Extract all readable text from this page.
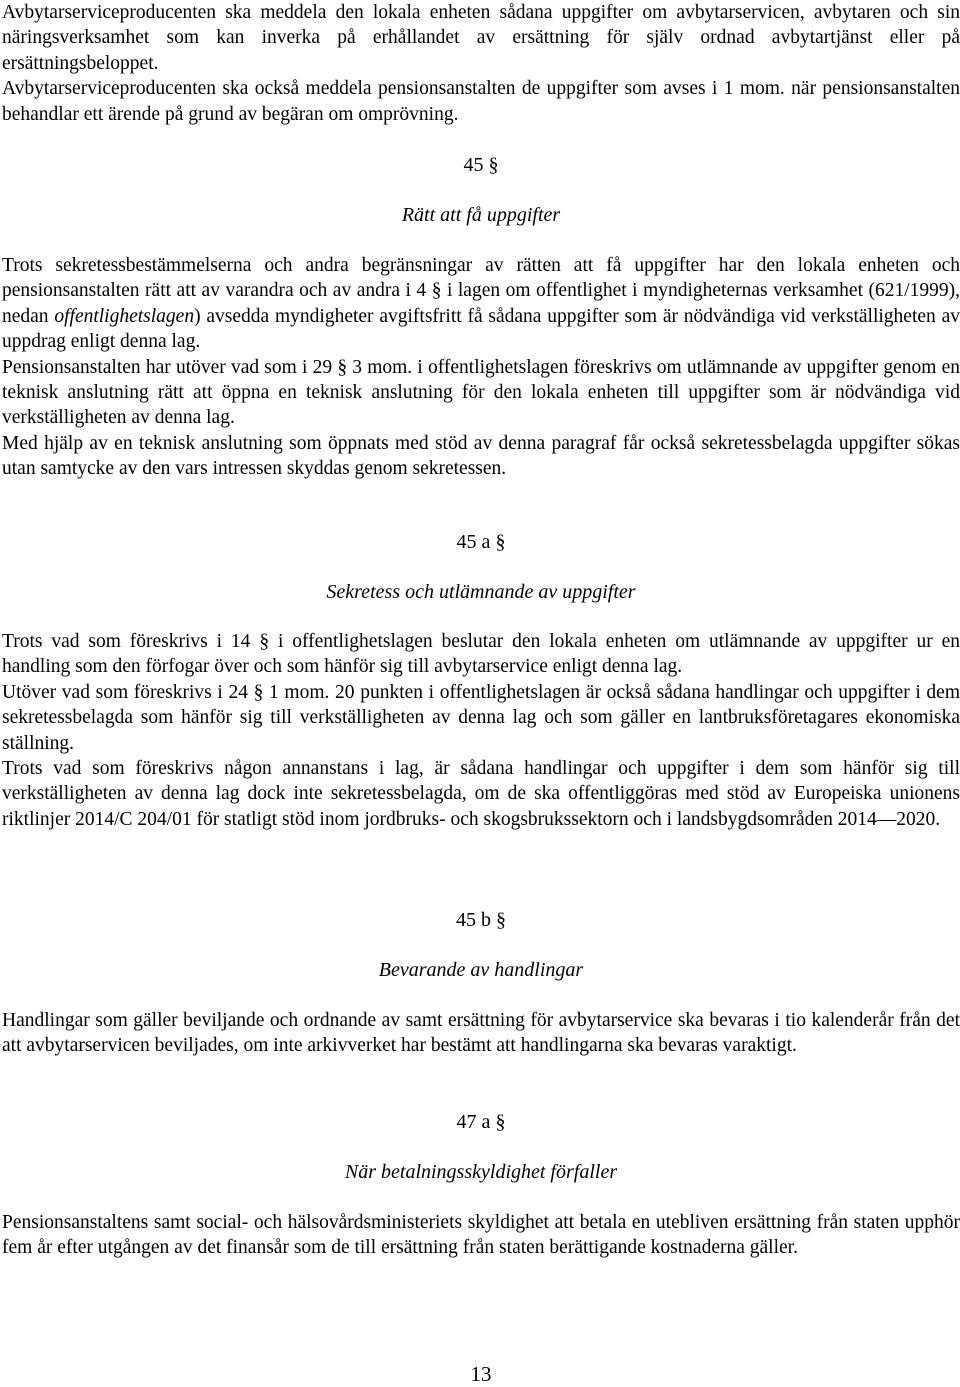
Avbytarserviceproducenten ska meddela den lokala enheten sådana uppgifter om avbytarservicen, avbytaren och sin näringsverksamhet som kan inverka på erhållandet av ersättning för själv ordnad avbytartjänst eller på ersättningsbeloppet.

Avbytarserviceproducenten ska också meddela pensionsanstalten de uppgifter som avses i 1 mom. när pensionsanstalten behandlar ett ärende på grund av begäran om omprövning.

45 §
Rätt att få uppgifter

Trots sekretessbestämmelserna och andra begränsningar av rätten att få uppgifter har den lokala enheten och pensionsanstalten rätt att av varandra och av andra i 4 § i lagen om offentlighet i myndigheternas verksamhet (621/1999), nedan offentlighetslagen) avsedda myndigheter avgiftsfritt få sådana uppgifter som är nödvändiga vid verkställigheten av uppdrag enligt denna lag.

Pensionsanstalten har utöver vad som i 29 § 3 mom. i offentlighetslagen föreskrivs om utlämnande av uppgifter genom en teknisk anslutning rätt att öppna en teknisk anslutning för den lokala enheten till uppgifter som är nödvändiga vid verkställigheten av denna lag.

Med hjälp av en teknisk anslutning som öppnats med stöd av denna paragraf får också sekretessbelagda uppgifter sökas utan samtycke av den vars intressen skyddas genom sekretessen.

45 a §
Sekretess och utlämnande av uppgifter

Trots vad som föreskrivs i 14 § i offentlighetslagen beslutar den lokala enheten om utlämnande av uppgifter ur en handling som den förfogar över och som hänför sig till avbytarservice enligt denna lag.

Utöver vad som föreskrivs i 24 § 1 mom. 20 punkten i offentlighetslagen är också sådana handlingar och uppgifter i dem sekretessbelagda som hänför sig till verkställigheten av denna lag och som gäller en lantbruksföretagares ekonomiska ställning.

Trots vad som föreskrivs någon annanstans i lag, är sådana handlingar och uppgifter i dem som hänför sig till verkställigheten av denna lag dock inte sekretessbelagda, om de ska offentliggöras med stöd av Europeiska unionens riktlinjer 2014/C 204/01 för statligt stöd inom jordbruks- och skogsbrukssektorn och i landsbygdsområden 2014—2020.

45 b §
Bevarande av handlingar

Handlingar som gäller beviljande och ordnande av samt ersättning för avbytarservice ska bevaras i tio kalenderår från det att avbytarservicen beviljades, om inte arkivverket har bestämt att handlingarna ska bevaras varaktigt.

47 a §
När betalningsskyldighet förfaller

Pensionsanstaltens samt social- och hälsovårdsministeriets skyldighet att betala en utebliven ersättning från staten upphör fem år efter utgången av det finansår som de till ersättning från staten berättigande kostnaderna gäller.

13
